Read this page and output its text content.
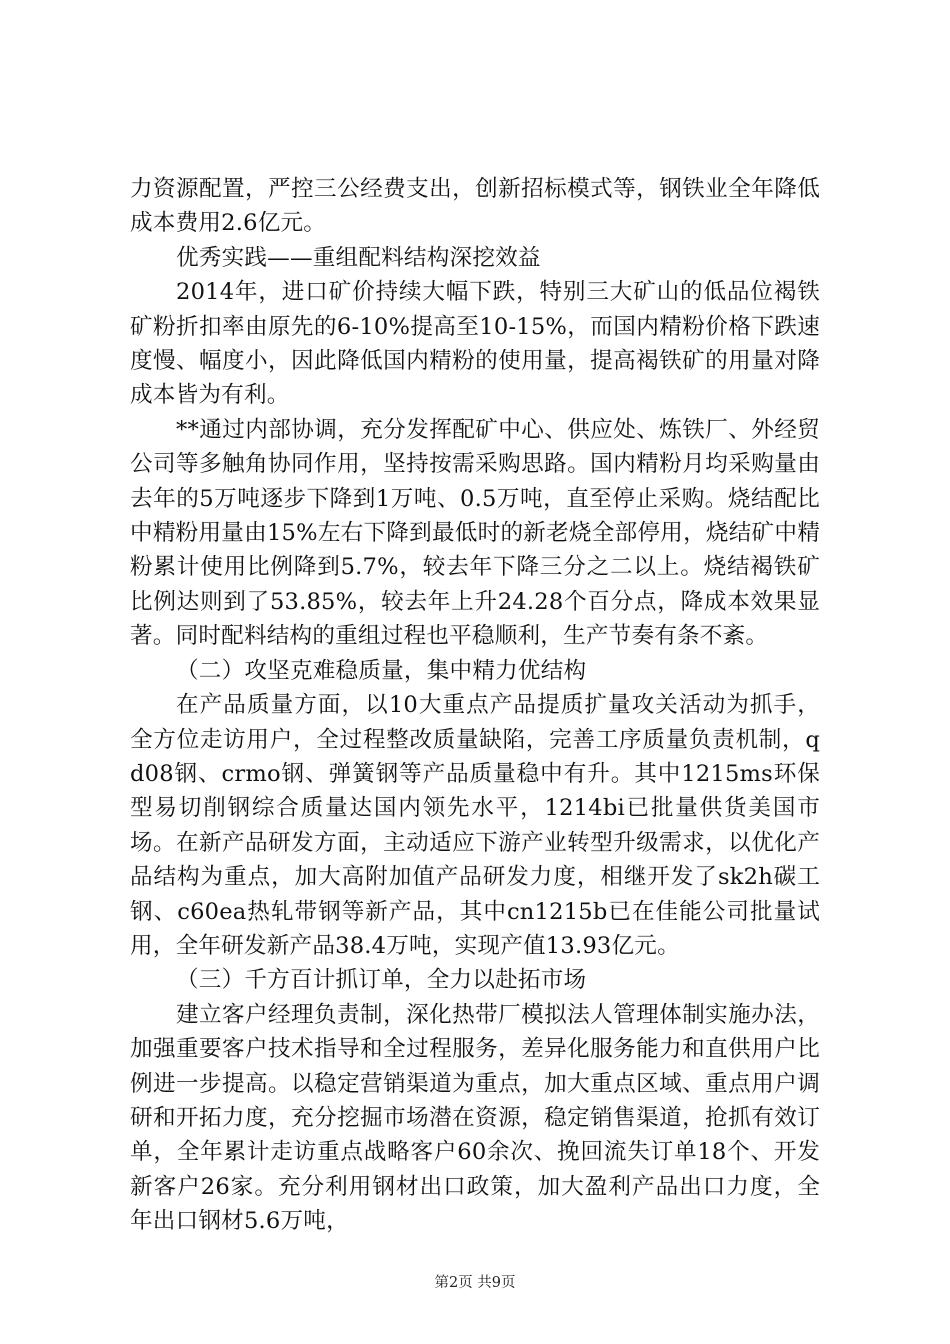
力资源配置，严控三公经费支出，创新招标模式等，钢铁业全年降低成本费用2.6亿元。

优秀实践——重组配料结构深挖效益

2014年，进口矿价持续大幅下跌，特别三大矿山的低品位褐铁矿粉折扣率由原先的6-10%提高至10-15%，而国内精粉价格下跌速度慢、幅度小，因此降低国内精粉的使用量，提高褐铁矿的用量对降成本皆为有利。

**通过内部协调，充分发挥配矿中心、供应处、炼铁厂、外经贸公司等多触角协同作用，坚持按需采购思路。国内精粉月均采购量由去年的5万吨逐步下降到1万吨、0.5万吨，直至停止采购。烧结配比中精粉用量由15%左右下降到最低时的新老烧全部停用，烧结矿中精粉累计使用比例降到5.7%，较去年下降三分之二以上。烧结褐铁矿比例达则到了53.85%，较去年上升24.28个百分点，降成本效果显著。同时配料结构的重组过程也平稳顺利，生产节奏有条不紊。

（二）攻坚克难稳质量，集中精力优结构

在产品质量方面，以10大重点产品提质扩量攻关活动为抓手，全方位走访用户，全过程整改质量缺陷，完善工序质量负责机制，qd08钢、crmo钢、弹簧钢等产品质量稳中有升。其中1215ms环保型易切削钢综合质量达国内领先水平，1214bi已批量供货美国市场。在新产品研发方面，主动适应下游产业转型升级需求，以优化产品结构为重点，加大高附加值产品研发力度，相继开发了sk2h碳工钢、c60ea热轧带钢等新产品，其中cn1215b已在佳能公司批量试用，全年研发新产品38.4万吨，实现产值13.93亿元。

（三）千方百计抓订单，全力以赴拓市场

建立客户经理负责制，深化热带厂模拟法人管理体制实施办法，加强重要客户技术指导和全过程服务，差异化服务能力和直供用户比例进一步提高。以稳定营销渠道为重点，加大重点区域、重点用户调研和开拓力度，充分挖掘市场潜在资源，稳定销售渠道，抢抓有效订单，全年累计走访重点战略客户60余次、挽回流失订单18个、开发新客户26家。充分利用钢材出口政策，加大盈利产品出口力度，全年出口钢材5.6万吨，

第2页 共9页
